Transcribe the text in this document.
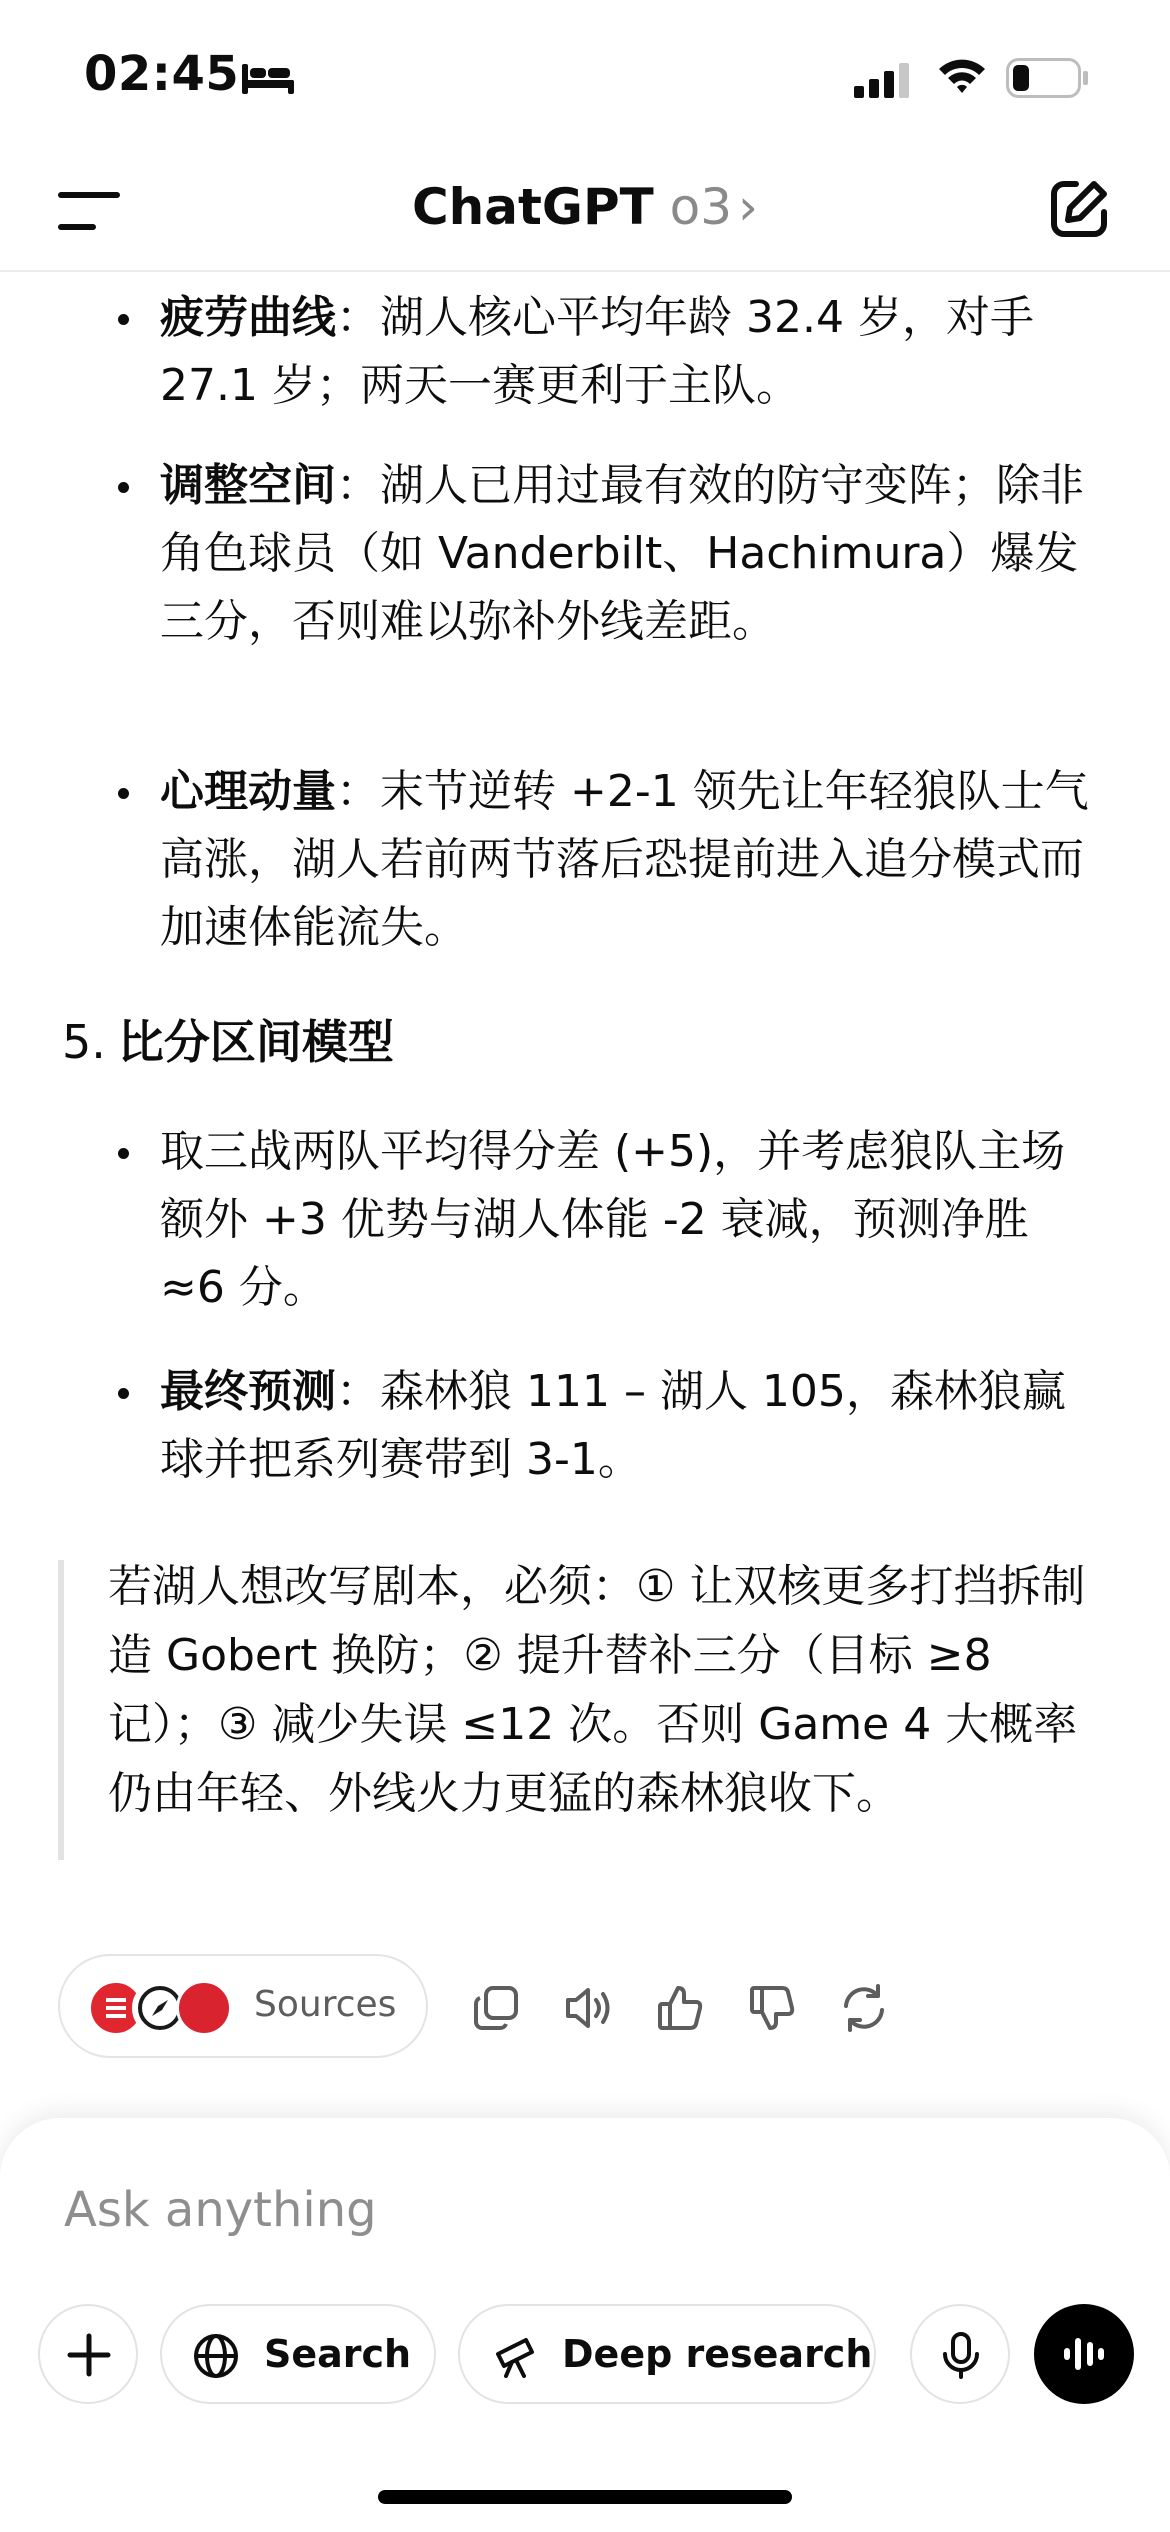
02:45
ChatGPT o3 ›
疲劳曲线：湖人核心平均年龄 32.4 岁，对手 27.1 岁；两天一赛更利于主队。
调整空间：湖人已用过最有效的防守变阵；除非角色球员（如 Vanderbilt、Hachimura）爆发三分，否则难以弥补外线差距。
心理动量：末节逆转 +2-1 领先让年轻狼队士气高涨，湖人若前两节落后恐提前进入追分模式而加速体能流失。
5. 比分区间模型
取三战两队平均得分差 (+5)，并考虑狼队主场额外 +3 优势与湖人体能 -2 衰减，预测净胜 ≈6 分。
最终预测：森林狼 111 – 湖人 105，森林狼赢球并把系列赛带到 3-1。
若湖人想改写剧本，必须：① 让双核更多打挡拆制造 Gobert 换防；② 提升替补三分（目标 ≥8 记）；③ 减少失误 ≤12 次。否则 Game 4 大概率仍由年轻、外线火力更猛的森林狼收下。
Sources
Ask anything
Search	Deep research
